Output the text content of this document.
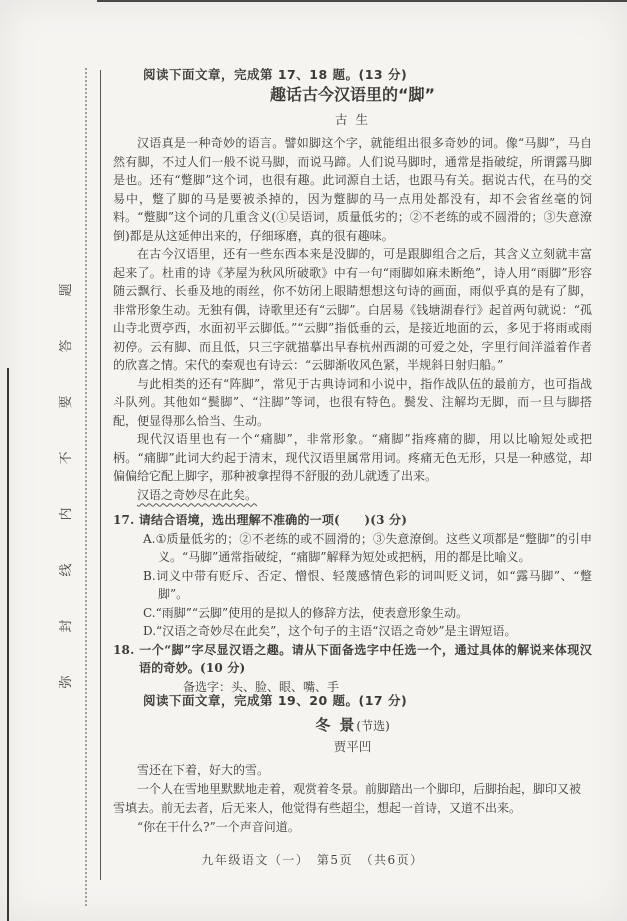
题
答
要
不
内
线
封
弥
阅读下面文章，完成第 17、18 题。(13 分)
趣话古今汉语里的“脚”
古 生

汉语真是一种奇妙的语言。譬如脚这个字，就能组出很多奇妙的词。像“马脚”，马自然有脚，不过人们一般不说马脚，而说马蹄。人们说马脚时，通常是指破绽，所谓露马脚是也。还有“蹩脚”这个词，也很有趣。此词源自土话，也跟马有关。据说古代，在马的交易中，蹩了脚的马是要被杀掉的，因为蹩脚的马一点用处都没有，却不会省丝毫的饲料。“蹩脚”这个词的几重含义(①吴语词，质量低劣的；②不老练的或不圆滑的；③失意潦倒)都是从这延伸出来的，仔细琢磨，真的很有趣味。

在古今汉语里，还有一些东西本来是没脚的，可是跟脚组合之后，其含义立刻就丰富起来了。杜甫的诗《茅屋为秋风所破歌》中有一句“雨脚如麻未断绝”，诗人用“雨脚”形容随云飘行、长垂及地的雨丝，你不妨闭上眼睛想想这句诗的画面，雨似乎真的是有了脚，非常形象生动。无独有偶，诗歌里还有“云脚”。白居易《钱塘湖春行》起首两句就说：“孤山寺北贾亭西，水面初平云脚低。”“云脚”指低垂的云，是接近地面的云，多见于将雨或雨初停。云有脚、而且低，只三字就描摹出早春杭州西湖的可爱之处，字里行间洋溢着作者的欣喜之情。宋代的秦观也有诗云：“云脚渐收风色紧，半规斜日射归船。”

与此相类的还有“阵脚”，常见于古典诗词和小说中，指作战队伍的最前方，也可指战斗队列。其他如“鬓脚”、“注脚”等词，也很有特色。鬓发、注解均无脚，而一旦与脚搭配，便显得那么恰当、生动。

现代汉语里也有一个“痛脚”，非常形象。“痛脚”指疼痛的脚，用以比喻短处或把柄。“痛脚”此词大约起于清末，现代汉语里属常用词。疼痛无色无形，只是一种感觉，却偏偏给它配上脚字，那种被拿捏得不舒服的劲儿就透了出来。

汉语之奇妙尽在此矣。

17. 请结合语境，选出理解不准确的一项(　　)(3 分)
A.①质量低劣的；②不老练的或不圆滑的；③失意潦倒。这些义项都是“蹩脚”的引申义。“马脚”通常指破绽，“痛脚”解释为短处或把柄，用的都是比喻义。
B.词义中带有贬斥、否定、憎恨、轻蔑感情色彩的词叫贬义词，如“露马脚”、“蹩脚”。
C.“雨脚”“云脚”使用的是拟人的修辞方法，使表意形象生动。
D.“汉语之奇妙尽在此矣”，这个句子的主语“汉语之奇妙”是主谓短语。
18. 一个“脚”字尽显汉语之趣。请从下面备选字中任选一个，通过具体的解说来体现汉语的奇妙。(10 分)
备选字：头、脸、眼、嘴、手
阅读下面文章，完成第 19、20 题。(17 分)
冬 景(节选)
贾平凹

雪还在下着，好大的雪。

一个人在雪地里默默地走着，观赏着冬景。前脚踏出一个脚印，后脚抬起，脚印又被雪填去。前无去者，后无来人，他觉得有些超尘，想起一首诗，又道不出来。

“你在干什么?”一个声音问道。

九年级语文（一）　第5页　（共6页）
